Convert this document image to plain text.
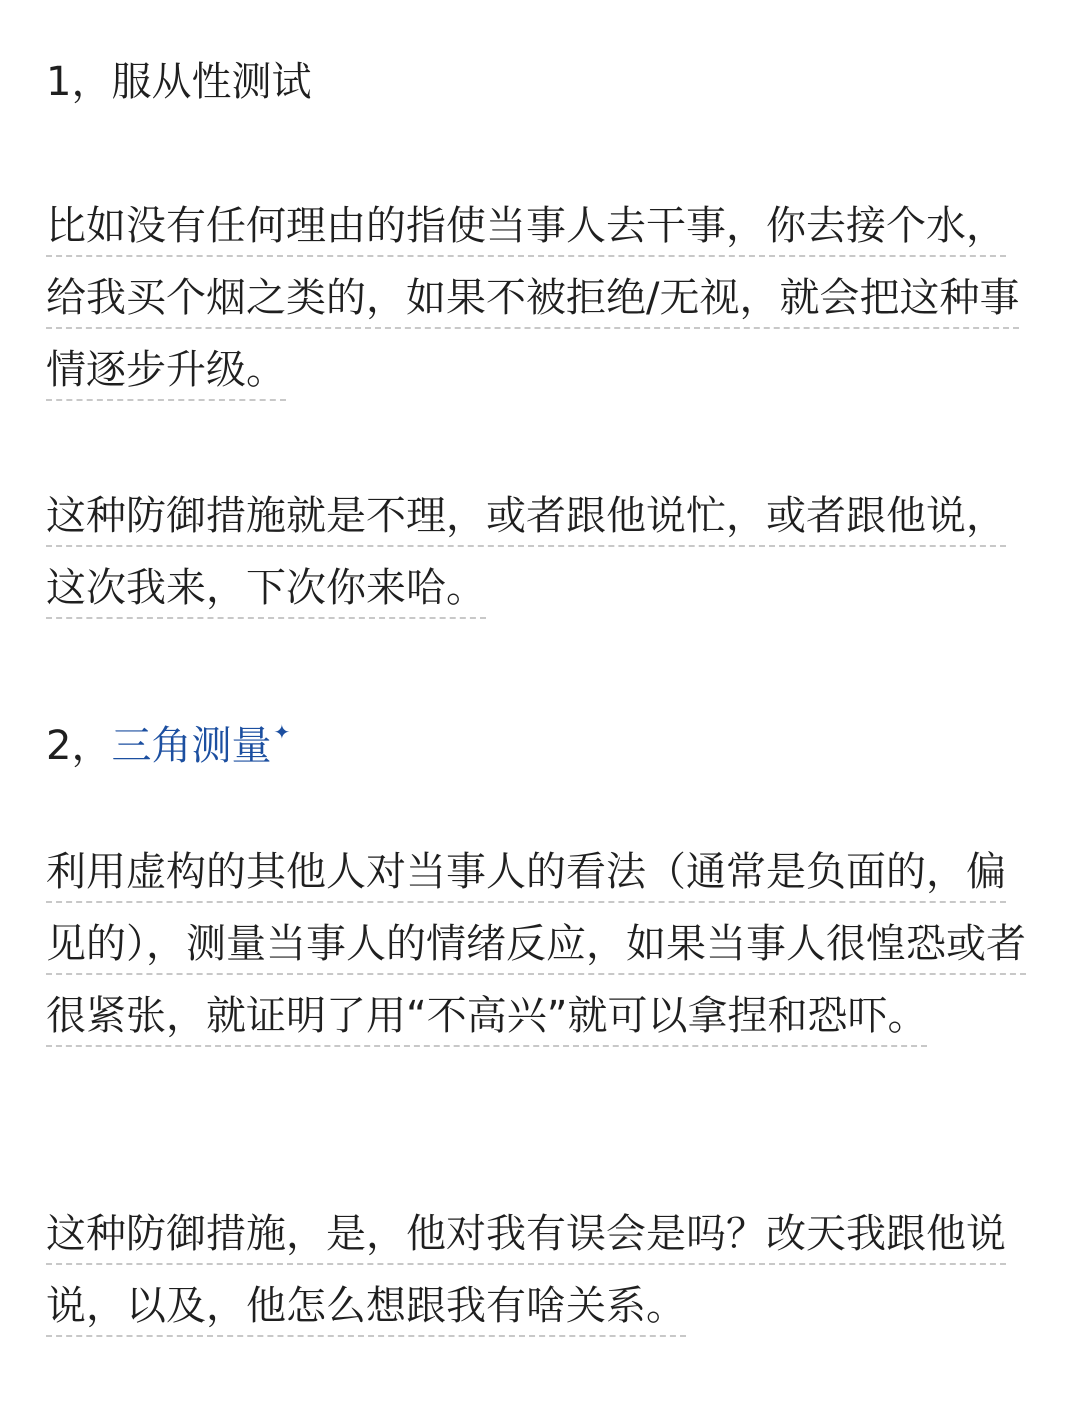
1，服从性测试

比如没有任何理由的指使当事人去干事，你去接个水，给我买个烟之类的，如果不被拒绝/无视，就会把这种事情逐步升级。

这种防御措施就是不理，或者跟他说忙，或者跟他说，这次我来，下次你来哈。

2，三角测量 ✦

利用虚构的其他人对当事人的看法（通常是负面的，偏见的），测量当事人的情绪反应，如果当事人很惶恐或者很紧张，就证明了用“不高兴”就可以拿捏和恐吓。

这种防御措施，是，他对我有误会是吗？改天我跟他说说，以及，他怎么想跟我有啥关系。
